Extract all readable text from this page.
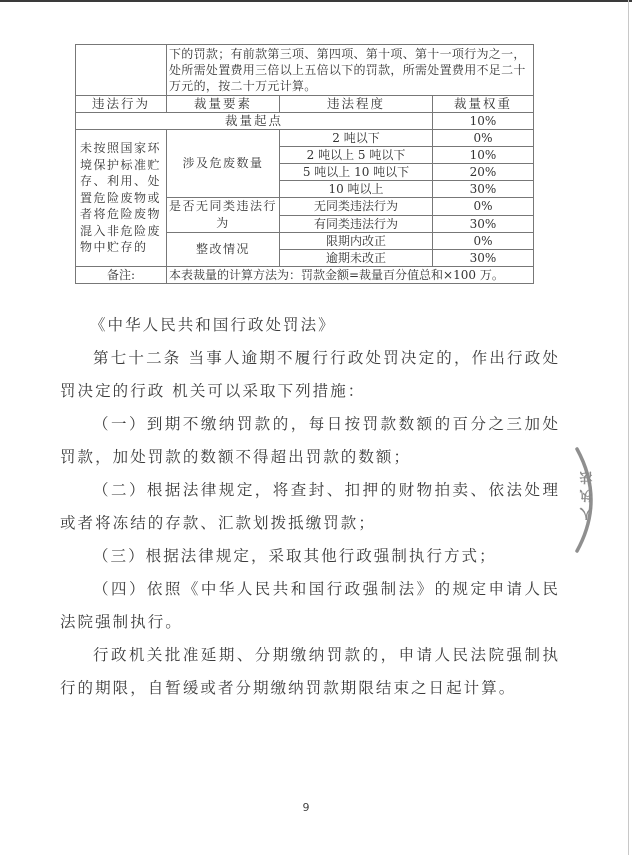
	下的罚款；有前款第三项、第四项、第十项、第十一项行为之一，处所需处置费用三倍以上五倍以下的罚款，所需处置费用不足二十万元的，按二十万元计算。		
违法行为	裁量要素	违法程度	裁量权重
裁量起点			10%
未按照国家环境保护标准贮存、利用、处置危险废物或者将危险废物混入非危险废物中贮存的	涉及危废数量	2 吨以下	0%
		2 吨以上 5 吨以下	10%
		5 吨以上 10 吨以下	20%
		10 吨以上	30%
	是否无同类违法行为	无同类违法行为	0%
		有同类违法行为	30%
	整改情况	限期内改正	0%
		逾期未改正	30%
备注:	本表裁量的计算方法为：罚款金额=裁量百分值总和×100 万。		

《中华人民共和国行政处罚法》

第七十二条 当事人逾期不履行行政处罚决定的，作出行政处罚决定的行政 机关可以采取下列措施：

（一）到期不缴纳罚款的，每日按罚款数额的百分之三加处罚款，加处罚款的数额不得超出罚款的数额；

（二）根据法律规定，将查封、扣押的财物拍卖、依法处理或者将冻结的存款、汇款划拨抵缴罚款；

（三）根据法律规定，采取其他行政强制执行方式；

（四）依照《中华人民共和国行政强制法》的规定申请人民法院强制执行。

行政机关批准延期、分期缴纳罚款的，申请人民法院强制执行的期限，自暂缓或者分期缴纳罚款期限结束之日起计算。

人执法
9
